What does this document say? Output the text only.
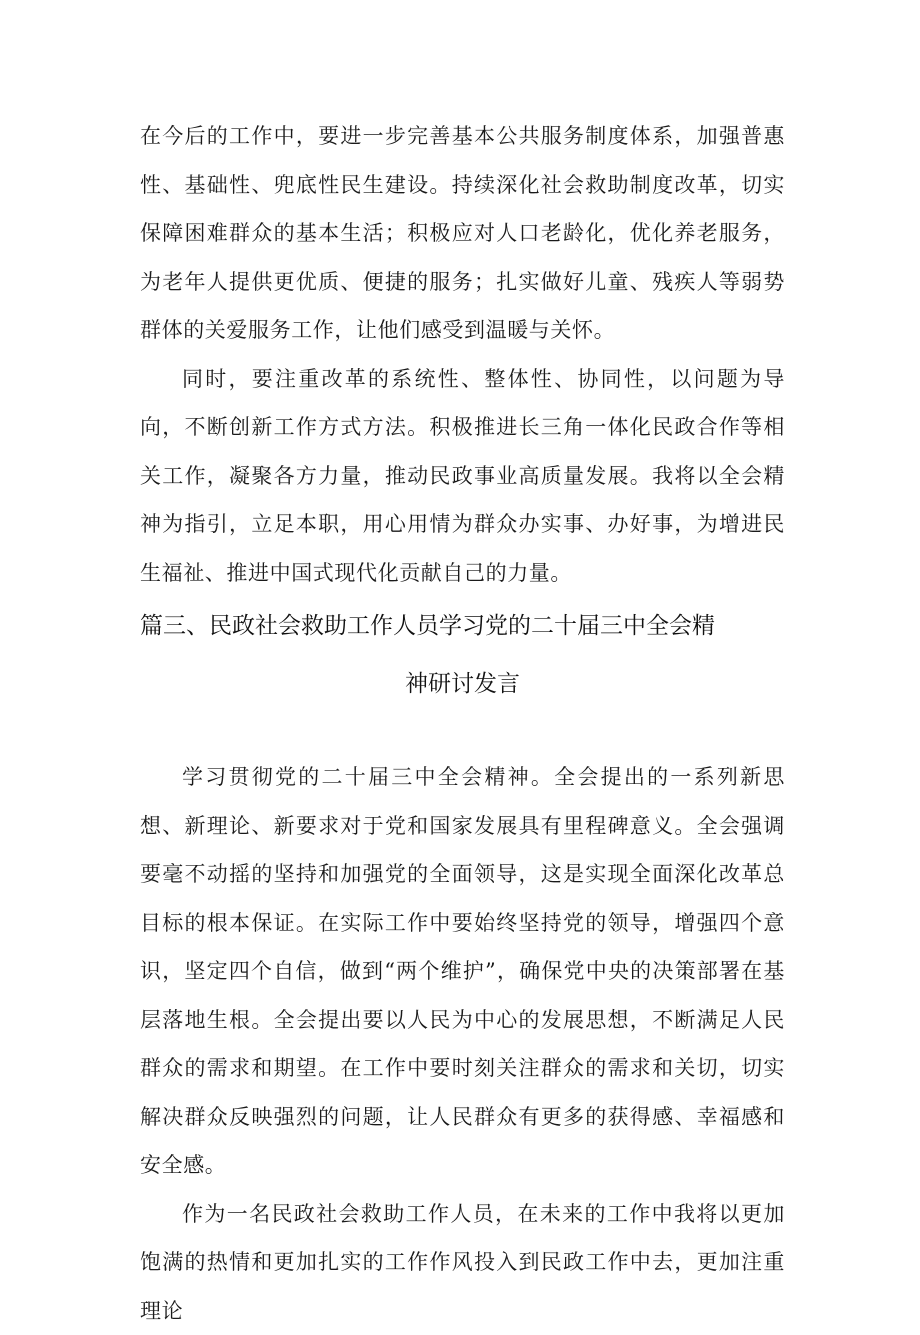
在今后的工作中，要进一步完善基本公共服务制度体系，加强普惠性、基础性、兜底性民生建设。持续深化社会救助制度改革，切实保障困难群众的基本生活；积极应对人口老龄化，优化养老服务，为老年人提供更优质、便捷的服务；扎实做好儿童、残疾人等弱势群体的关爱服务工作，让他们感受到温暖与关怀。

同时，要注重改革的系统性、整体性、协同性，以问题为导向，不断创新工作方式方法。积极推进长三角一体化民政合作等相关工作，凝聚各方力量，推动民政事业高质量发展。我将以全会精神为指引，立足本职，用心用情为群众办实事、办好事，为增进民生福祉、推进中国式现代化贡献自己的力量。

篇三、民政社会救助工作人员学习党的二十届三中全会精

神研讨发言

学习贯彻党的二十届三中全会精神。全会提出的一系列新思想、新理论、新要求对于党和国家发展具有里程碑意义。全会强调要毫不动摇的坚持和加强党的全面领导，这是实现全面深化改革总目标的根本保证。在实际工作中要始终坚持党的领导，增强四个意识，坚定四个自信，做到“两个维护”，确保党中央的决策部署在基层落地生根。全会提出要以人民为中心的发展思想，不断满足人民群众的需求和期望。在工作中要时刻关注群众的需求和关切，切实解决群众反映强烈的问题，让人民群众有更多的获得感、幸福感和安全感。

作为一名民政社会救助工作人员，在未来的工作中我将以更加饱满的热情和更加扎实的工作作风投入到民政工作中去，更加注重理论
